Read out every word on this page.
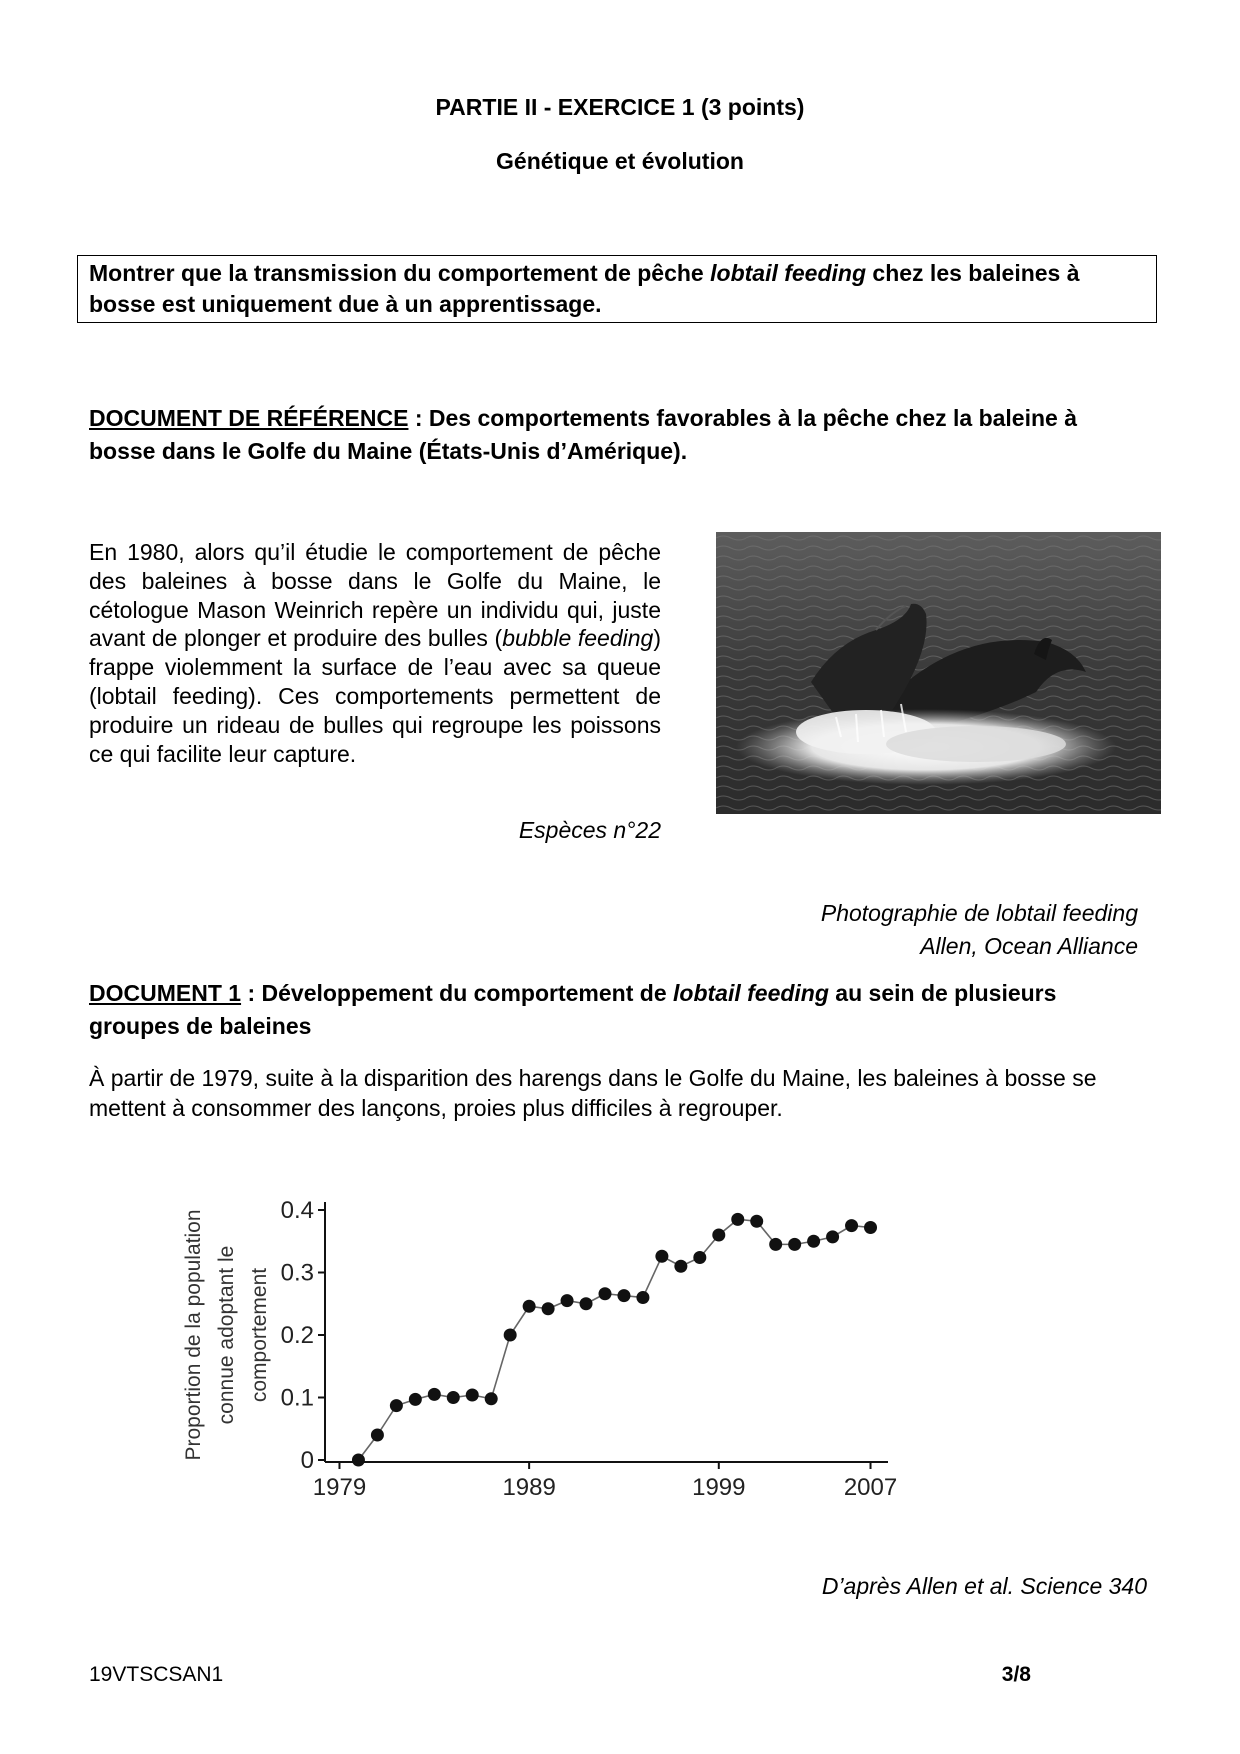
PARTIE II - EXERCICE 1 (3 points)
Génétique et évolution
Montrer que la transmission du comportement de pêche lobtail feeding chez les baleines à bosse est uniquement due à un apprentissage.
DOCUMENT DE RÉFÉRENCE : Des comportements favorables à la pêche chez la baleine à bosse dans le Golfe du Maine (États-Unis d’Amérique).
En 1980, alors qu’il étudie le comportement de pêche des baleines à bosse dans le Golfe du Maine, le cétologue Mason Weinrich repère un individu qui, juste avant de plonger et produire des bulles (bubble feeding) frappe violemment la surface de l’eau avec sa queue (lobtail feeding). Ces comportements permettent de produire un rideau de bulles qui regroupe les poissons ce qui facilite leur capture.
Espèces n°22
Photographie de lobtail feeding
Allen, Ocean Alliance
DOCUMENT 1 : Développement du comportement de lobtail feeding au sein de plusieurs groupes de baleines
À partir de 1979, suite à la disparition des harengs dans le Golfe du Maine, les baleines à bosse se mettent à consommer des lançons, proies plus difficiles à regrouper.
Proportion de la population connue adoptant le comportement
0
0.1
0.2
0.3
0.4
1979	1989	1999	2007
D’après Allen et al. Science 340
19VTSCSAN1	3/8
